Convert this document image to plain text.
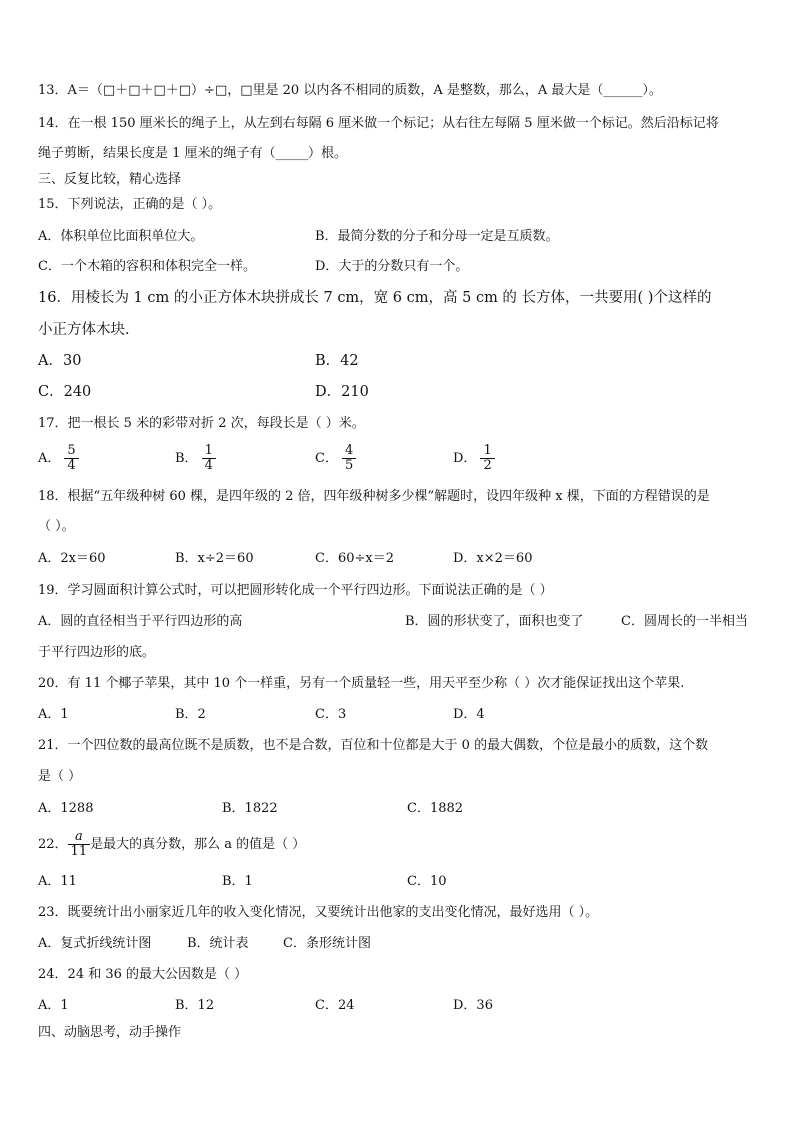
13．A＝（□＋□＋□＋□）÷□，□里是 20 以内各不相同的质数，A 是整数，那么，A 最大是（______）。
14．在一根 150 厘米长的绳子上，从左到右每隔 6 厘米做一个标记；从右往左每隔 5 厘米做一个标记。然后沿标记将
绳子剪断，结果长度是 1 厘米的绳子有（_____）根。
三、反复比较，精心选择
15．下列说法，正确的是（ ）。
A．体积单位比面积单位大。	B．最简分数的分子和分母一定是互质数。
C．一个木箱的容积和体积完全一样。	D．大于的分数只有一个。
16．用棱长为 1 cm 的小正方体木块拼成长 7 cm，宽 6 cm，高 5 cm 的 长方体，一共要用( )个这样的
小正方体木块.
A．30	B．42
C．240	D．210
17．把一根长 5 米的彩带对折 2 次，每段长是（ ）米。
A． $\frac{5}{4}$	B． $\frac{1}{4}$	C． $\frac{4}{5}$	D． $\frac{1}{2}$
18．根据“五年级种树 60 棵，是四年级的 2 倍，四年级种树多少棵”解题时，设四年级种 x 棵，下面的方程错误的是
（ ）。
A．2x＝60	B．x÷2＝60	C．60÷x＝2	D．x×2＝60
19．学习圆面积计算公式时，可以把圆形转化成一个平行四边形。下面说法正确的是（ ）
A．圆的直径相当于平行四边形的高	B．圆的形状变了，面积也变了	C．圆周长的一半相当
于平行四边形的底。
20．有 11 个椰子苹果，其中 10 个一样重，另有一个质量轻一些，用天平至少称（ ）次才能保证找出这个苹果.
A．1	B．2	C．3	D．4
21．一个四位数的最高位既不是质数，也不是合数，百位和十位都是大于 0 的最大偶数，个位是最小的质数，这个数
是（ ）
A．1288	B．1822	C．1882
22． $\frac{a}{11}$ 是最大的真分数，那么 a 的值是（ ）
A．11	B．1	C．10
23．既要统计出小丽家近几年的收入变化情况，又要统计出他家的支出变化情况，最好选用（ ）。
A．复式折线统计图	B．统计表	C．条形统计图
24．24 和 36 的最大公因数是（ ）
A．1	B．12	C．24	D．36
四、动脑思考，动手操作
